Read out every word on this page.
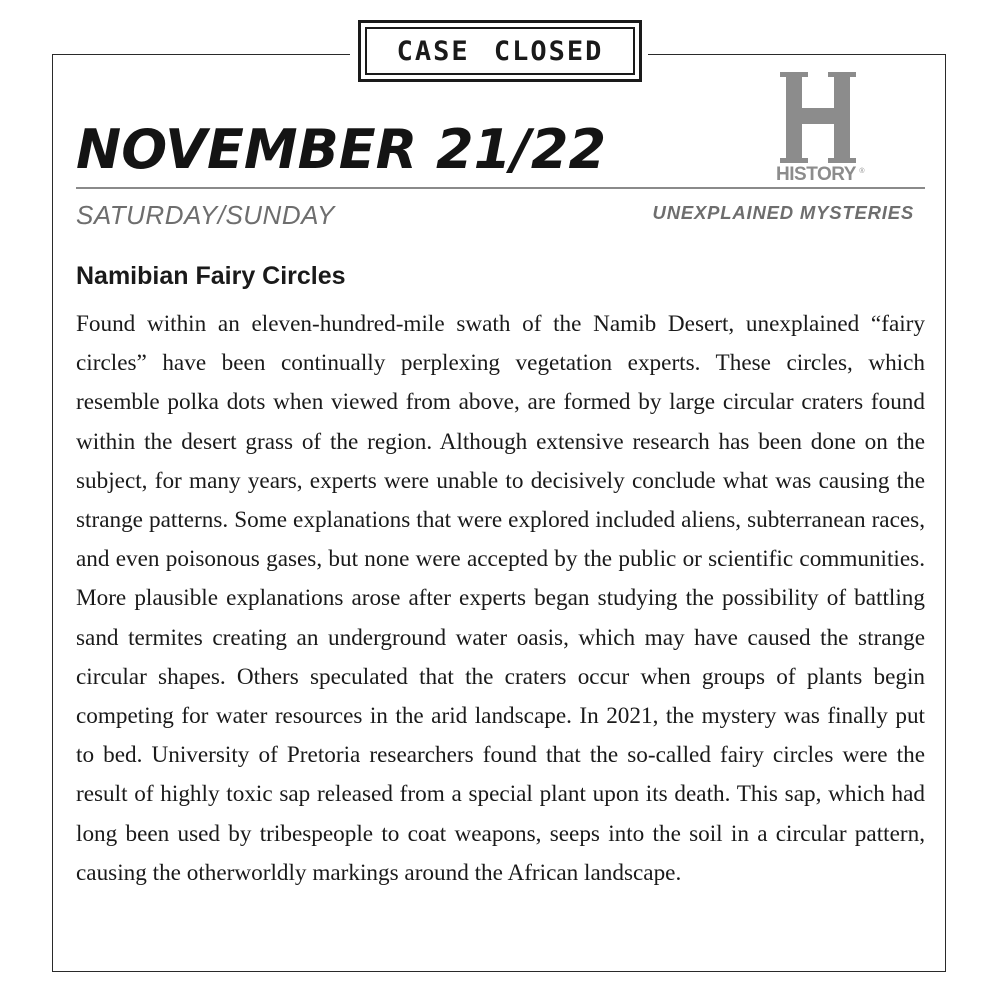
CASE CLOSED
NOVEMBER 21/22	HISTORY ®
SATURDAY/SUNDAY	UNEXPLAINED MYSTERIES
Namibian Fairy Circles

Found within an eleven-hundred-mile swath of the Namib Desert, unexplained “fairy circles” have been continually perplexing vegetation experts. These circles, which resemble polka dots when viewed from above, are formed by large circular craters found within the desert grass of the region. Although extensive research has been done on the subject, for many years, experts were unable to decisively conclude what was causing the strange patterns. Some explanations that were explored included aliens, subterranean races, and even poisonous gases, but none were accepted by the public or scientific communities. More plausible explanations arose after experts began studying the possibility of battling sand termites creating an underground water oasis, which may have caused the strange circular shapes. Others speculated that the craters occur when groups of plants begin competing for water resources in the arid landscape. In 2021, the mystery was finally put to bed. University of Pretoria researchers found that the so-called fairy circles were the result of highly toxic sap released from a special plant upon its death. This sap, which had long been used by tribespeople to coat weapons, seeps into the soil in a circular pattern, causing the otherworldly markings around the African landscape.
